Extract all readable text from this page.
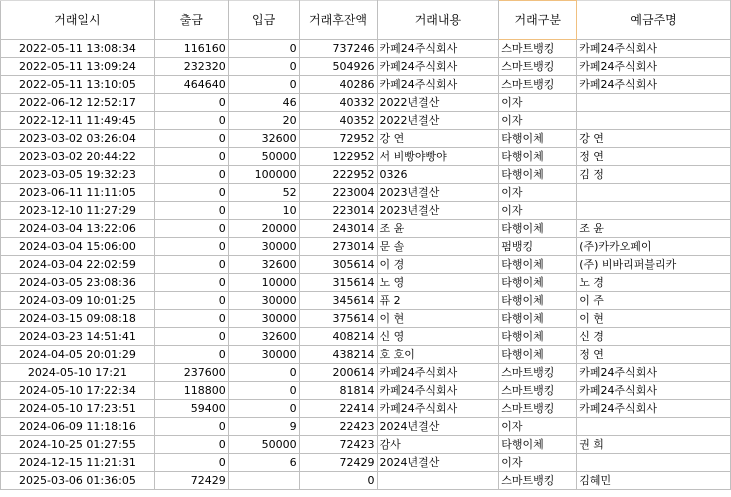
거래일시	출금	입금	거래후잔액	거래내용	거래구분	예금주명
2022-05-11 13:08:34	116160	0	737246	카페24주식회사	스마트뱅킹	카페24주식회사
2022-05-11 13:09:24	232320	0	504926	카페24주식회사	스마트뱅킹	카페24주식회사
2022-05-11 13:10:05	464640	0	40286	카페24주식회사	스마트뱅킹	카페24주식회사
2022-06-12 12:52:17	0	46	40332	2022년결산	이자	
2022-12-11 11:49:45	0	20	40352	2022년결산	이자	
2023-03-02 03:26:04	0	32600	72952	강 연	타행이체	강 연
2023-03-02 20:44:22	0	50000	122952	서 비빵야빵야	타행이체	정 연
2023-03-05 19:32:23	0	100000	222952	0326	타행이체	김 정
2023-06-11 11:11:05	0	52	223004	2023년결산	이자	
2023-12-10 11:27:29	0	10	223014	2023년결산	이자	
2024-03-04 13:22:06	0	20000	243014	조 윤	타행이체	조 윤
2024-03-04 15:06:00	0	30000	273014	문 솔	펌뱅킹	(주)카카오페이
2024-03-04 22:02:59	0	32600	305614	이 경	타행이체	(주) 비바리퍼블리카
2024-03-05 23:08:36	0	10000	315614	노 영	타행이체	노 경
2024-03-09 10:01:25	0	30000	345614	퓨 2	타행이체	이 주
2024-03-15 09:08:18	0	30000	375614	이 현	타행이체	이 현
2024-03-23 14:51:41	0	32600	408214	신 영	타행이체	신 경
2024-04-05 20:01:29	0	30000	438214	호 호이	타행이체	정 연
2024-05-10 17:21	237600	0	200614	카페24주식회사	스마트뱅킹	카페24주식회사
2024-05-10 17:22:34	118800	0	81814	카페24주식회사	스마트뱅킹	카페24주식회사
2024-05-10 17:23:51	59400	0	22414	카페24주식회사	스마트뱅킹	카페24주식회사
2024-06-09 11:18:16	0	9	22423	2024년결산	이자	
2024-10-25 01:27:55	0	50000	72423	감사	타행이체	권 희
2024-12-15 11:21:31	0	6	72429	2024년결산	이자	
2025-03-06 01:36:05	72429		0		스마트뱅킹	김혜민
